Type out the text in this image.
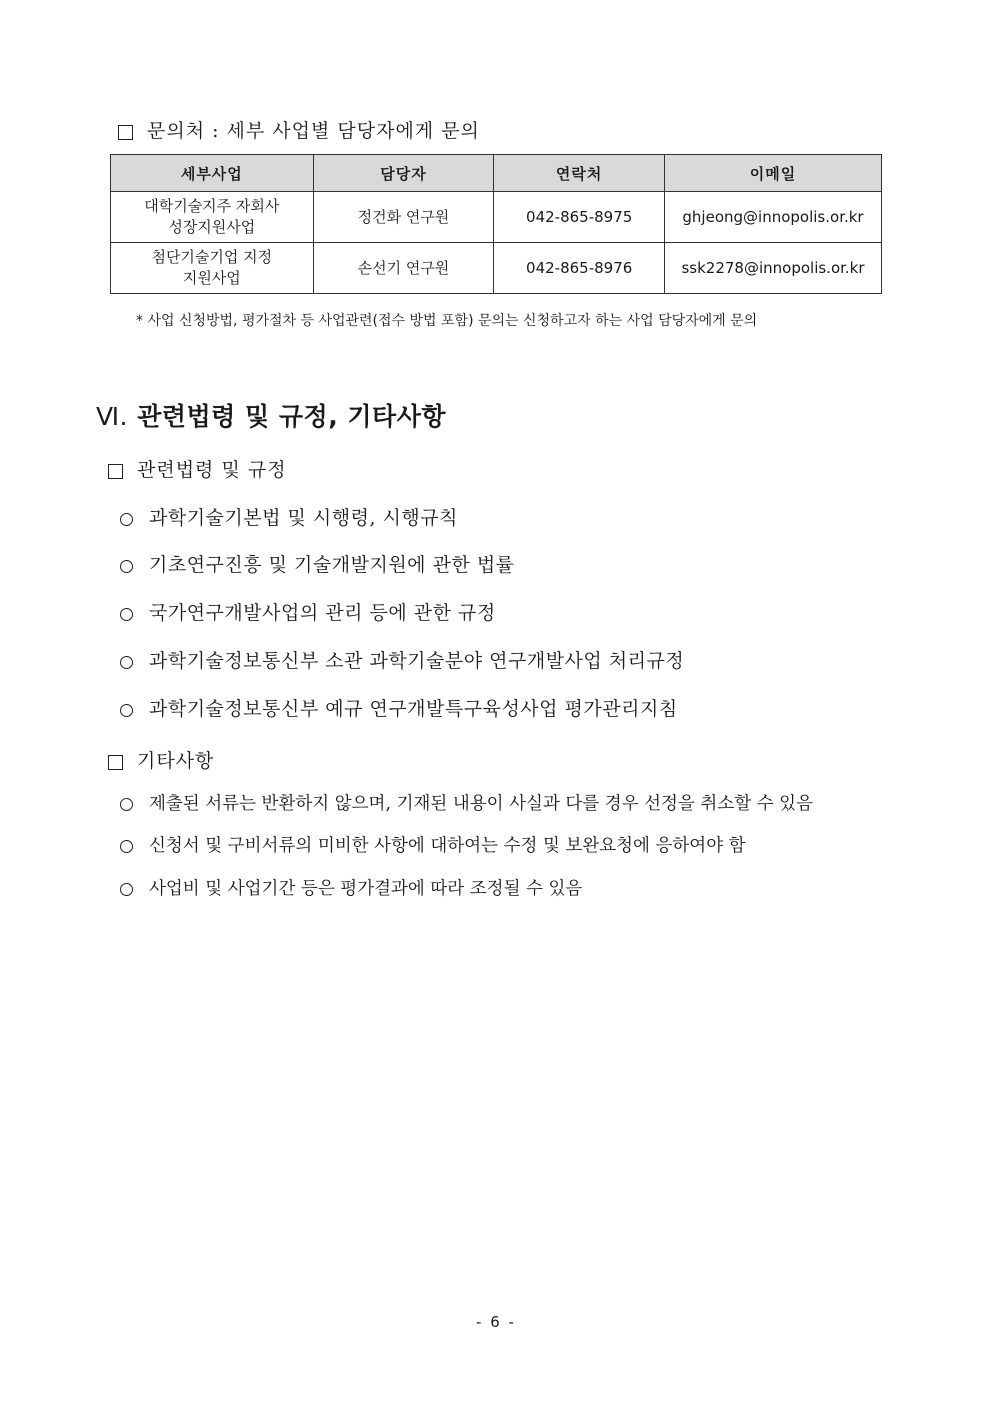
문의처 : 세부 사업별 담당자에게 문의
세부사업	담당자	연락처	이메일

대학기술지주 자회사
성장지원사업	정건화 연구원	042-865-8975	ghjeong@innopolis.or.kr

첨단기술기업 지정
지원사업	손선기 연구원	042-865-8976	ssk2278@innopolis.or.kr
* 사업 신청방법, 평가절차 등 사업관련(접수 방법 포함) 문의는 신청하고자 하는 사업 담당자에게 문의
Ⅵ. 관련법령 및 규정, 기타사항
관련법령 및 규정
과학기술기본법 및 시행령, 시행규칙
기초연구진흥 및 기술개발지원에 관한 법률
국가연구개발사업의 관리 등에 관한 규정
과학기술정보통신부 소관 과학기술분야 연구개발사업 처리규정
과학기술정보통신부 예규 연구개발특구육성사업 평가관리지침
기타사항
제출된 서류는 반환하지 않으며, 기재된 내용이 사실과 다를 경우 선정을 취소할 수 있음
신청서 및 구비서류의 미비한 사항에 대하여는 수정 및 보완요청에 응하여야 함
사업비 및 사업기간 등은 평가결과에 따라 조정될 수 있음
- 6 -
